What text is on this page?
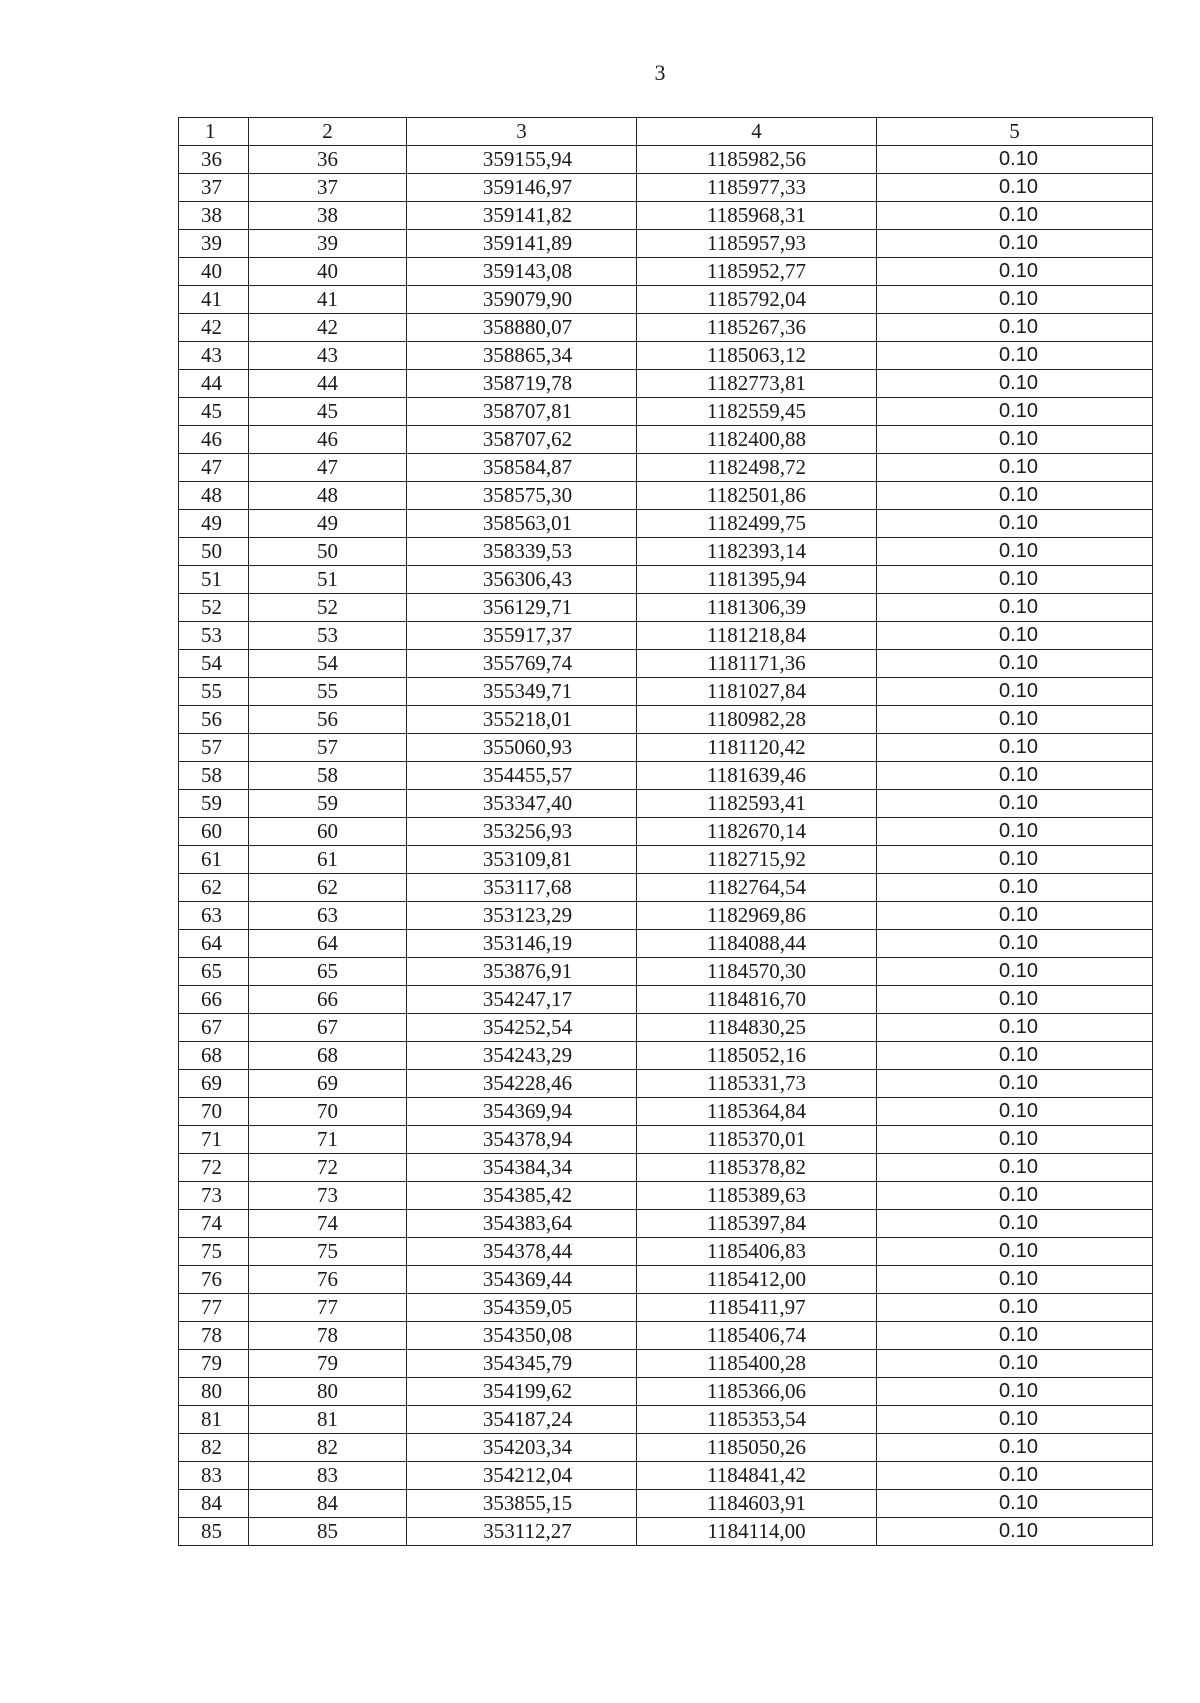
3
1	2	3	4	5
36	36	359155,94	1185982,56	0.10
37	37	359146,97	1185977,33	0.10
38	38	359141,82	1185968,31	0.10
39	39	359141,89	1185957,93	0.10
40	40	359143,08	1185952,77	0.10
41	41	359079,90	1185792,04	0.10
42	42	358880,07	1185267,36	0.10
43	43	358865,34	1185063,12	0.10
44	44	358719,78	1182773,81	0.10
45	45	358707,81	1182559,45	0.10
46	46	358707,62	1182400,88	0.10
47	47	358584,87	1182498,72	0.10
48	48	358575,30	1182501,86	0.10
49	49	358563,01	1182499,75	0.10
50	50	358339,53	1182393,14	0.10
51	51	356306,43	1181395,94	0.10
52	52	356129,71	1181306,39	0.10
53	53	355917,37	1181218,84	0.10
54	54	355769,74	1181171,36	0.10
55	55	355349,71	1181027,84	0.10
56	56	355218,01	1180982,28	0.10
57	57	355060,93	1181120,42	0.10
58	58	354455,57	1181639,46	0.10
59	59	353347,40	1182593,41	0.10
60	60	353256,93	1182670,14	0.10
61	61	353109,81	1182715,92	0.10
62	62	353117,68	1182764,54	0.10
63	63	353123,29	1182969,86	0.10
64	64	353146,19	1184088,44	0.10
65	65	353876,91	1184570,30	0.10
66	66	354247,17	1184816,70	0.10
67	67	354252,54	1184830,25	0.10
68	68	354243,29	1185052,16	0.10
69	69	354228,46	1185331,73	0.10
70	70	354369,94	1185364,84	0.10
71	71	354378,94	1185370,01	0.10
72	72	354384,34	1185378,82	0.10
73	73	354385,42	1185389,63	0.10
74	74	354383,64	1185397,84	0.10
75	75	354378,44	1185406,83	0.10
76	76	354369,44	1185412,00	0.10
77	77	354359,05	1185411,97	0.10
78	78	354350,08	1185406,74	0.10
79	79	354345,79	1185400,28	0.10
80	80	354199,62	1185366,06	0.10
81	81	354187,24	1185353,54	0.10
82	82	354203,34	1185050,26	0.10
83	83	354212,04	1184841,42	0.10
84	84	353855,15	1184603,91	0.10
85	85	353112,27	1184114,00	0.10
